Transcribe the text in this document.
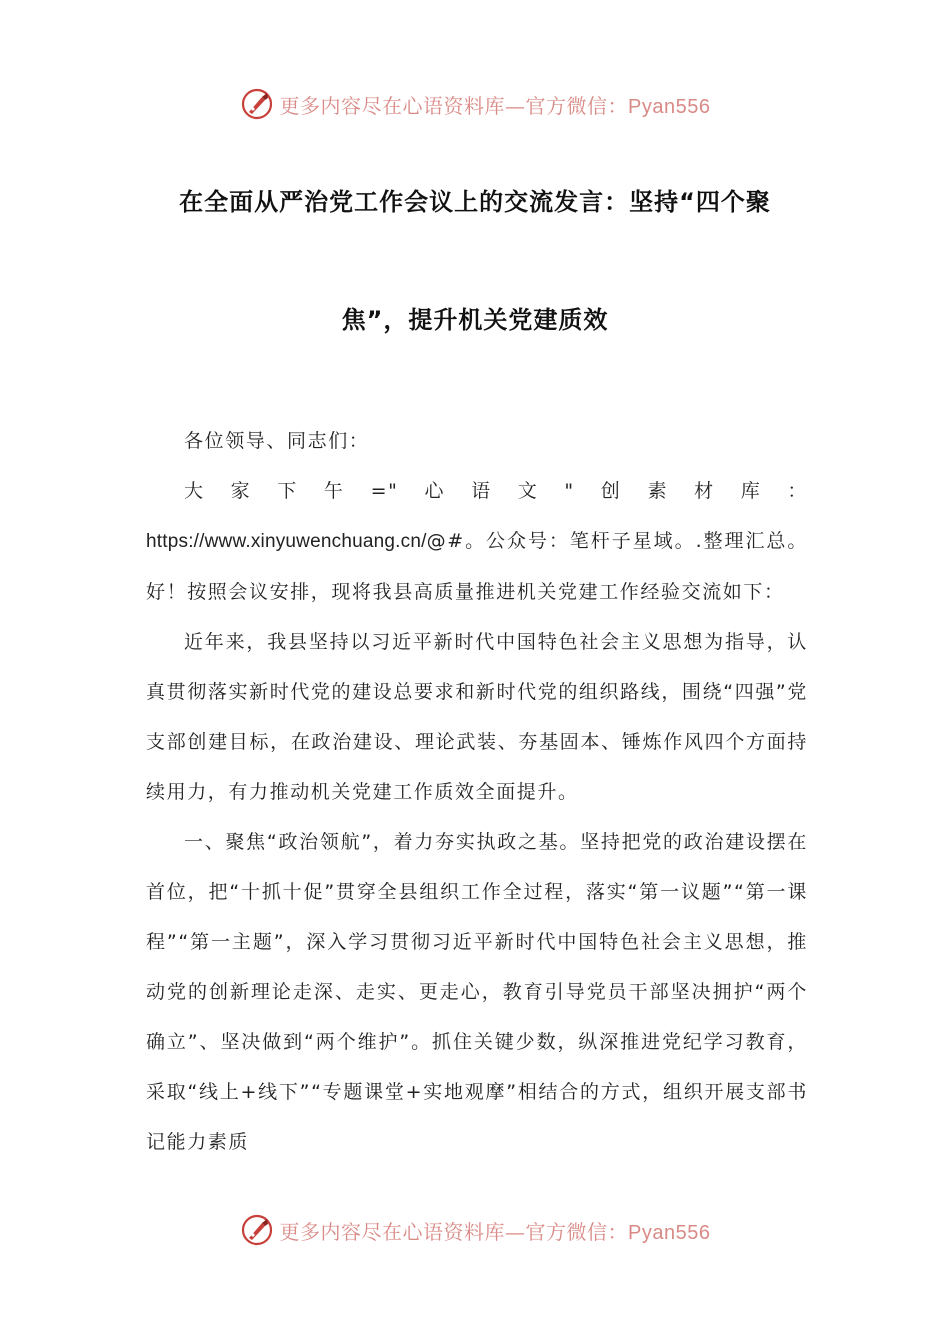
更多内容尽在心语资料库—官方微信：Pyan556
在全面从严治党工作会议上的交流发言：坚持“四个聚
焦”，提升机关党建质效

各位领导、同志们：

大家下午="心语文"创素材库：https://www.xinyuwenchuang.cn/@#。公众号：笔杆子星域。.整理汇总。好！按照会议安排，现将我县高质量推进机关党建工作经验交流如下：

近年来，我县坚持以习近平新时代中国特色社会主义思想为指导，认真贯彻落实新时代党的建设总要求和新时代党的组织路线，围绕“四强”党支部创建目标，在政治建设、理论武装、夯基固本、锤炼作风四个方面持续用力，有力推动机关党建工作质效全面提升。

一、聚焦“政治领航”，着力夯实执政之基。坚持把党的政治建设摆在首位，把“十抓十促”贯穿全县组织工作全过程，落实“第一议题”“第一课程”“第一主题”，深入学习贯彻习近平新时代中国特色社会主义思想，推动党的创新理论走深、走实、更走心，教育引导党员干部坚决拥护“两个确立”、坚决做到“两个维护”。抓住关键少数，纵深推进党纪学习教育，采取“线上+线下”“专题课堂+实地观摩”相结合的方式，组织开展支部书记能力素质

更多内容尽在心语资料库—官方微信：Pyan556
